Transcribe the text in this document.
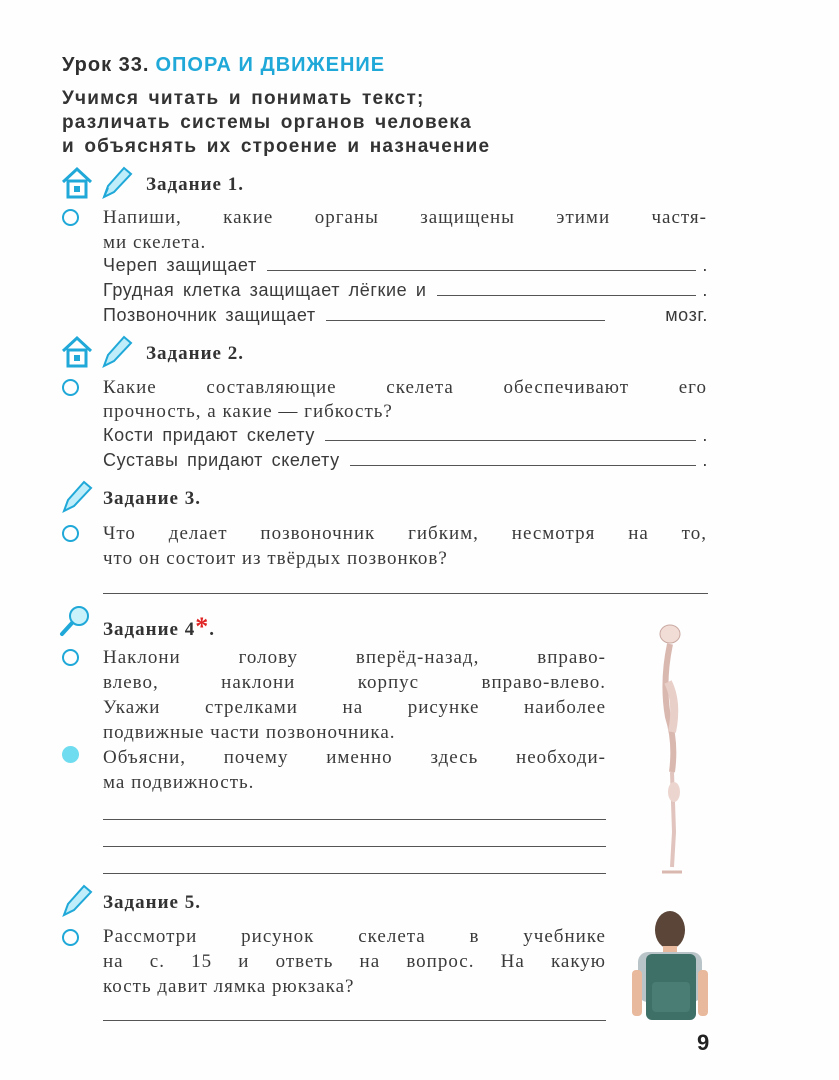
Урок 33. ОПОРА И ДВИЖЕНИЕ
Учимся читать и понимать текст;
различать системы органов человека
и объяснять их строение и назначение
Задание 1.
Напиши, какие органы защищены этими частя-
ми скелета.
Череп защищает	.
Грудная клетка защищает лёгкие и	.
Позвоночник защищает	мозг.
Задание 2.
Какие составляющие скелета обеспечивают его
прочность, а какие — гибкость?
Кости придают скелету	.
Суставы придают скелету	.
Задание 3.
Что делает позвоночник гибким, несмотря на то,
что он состоит из твёрдых позвонков?
Задание 4*.
Наклони голову вперёд-назад, вправо-
влево, наклони корпус вправо-влево.
Укажи стрелками на рисунке наиболее
подвижные части позвоночника.
Объясни, почему именно здесь необходи-
ма подвижность.
Задание 5.
Рассмотри рисунок скелета в учебнике
на с. 15 и ответь на вопрос. На какую
кость давит лямка рюкзака?
9
